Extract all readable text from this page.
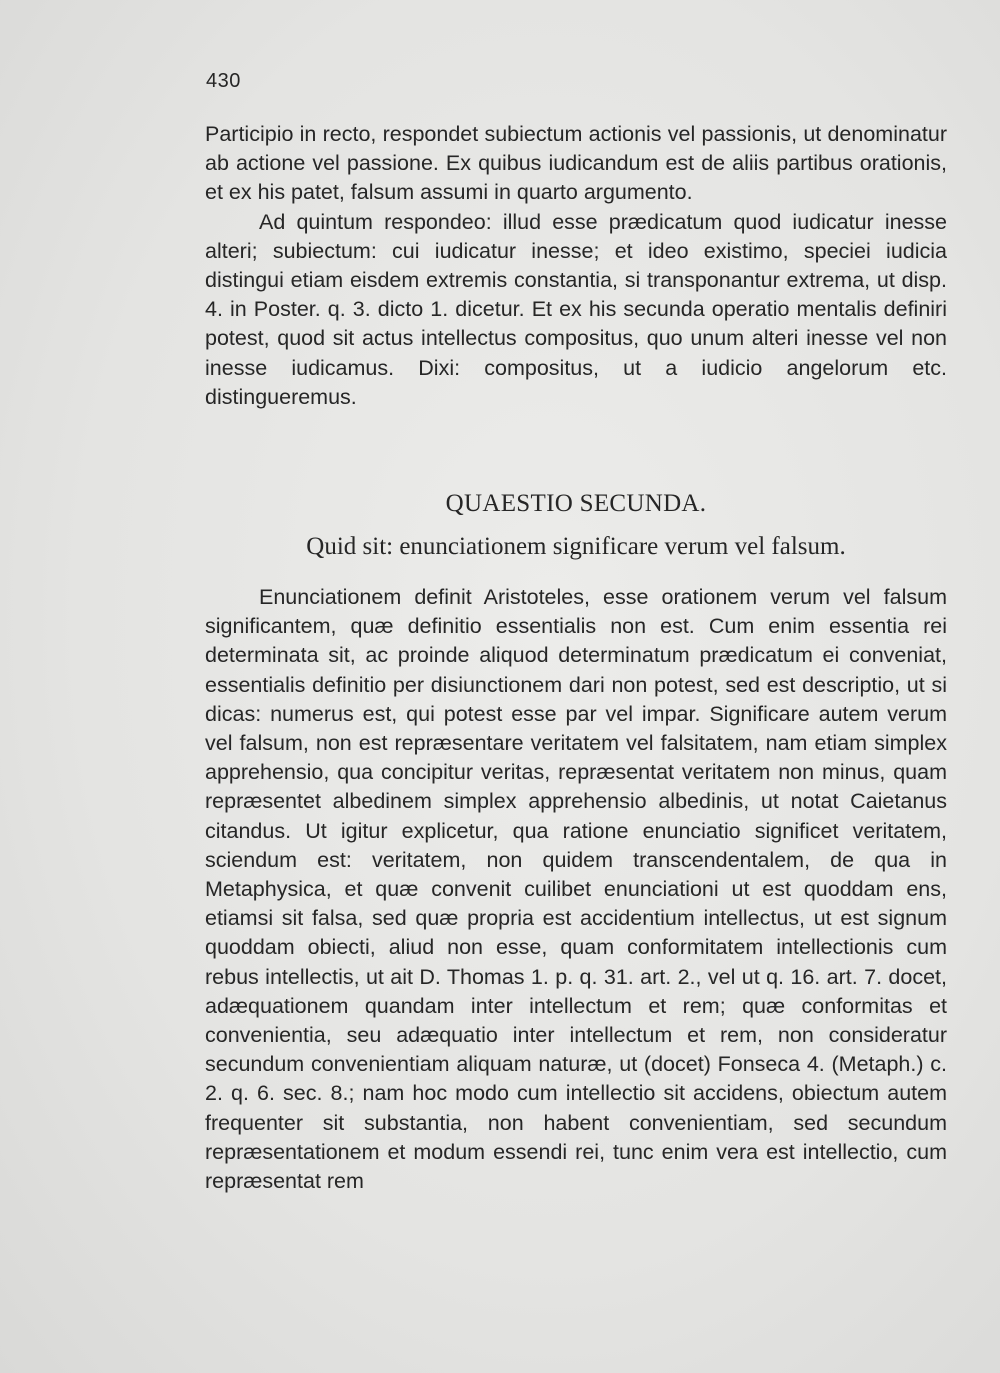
430

Participio in recto, respondet subiectum actionis vel passionis, ut denominatur ab actione vel passione. Ex quibus iudicandum est de aliis partibus orationis, et ex his patet, falsum assumi in quarto argumento.

Ad quintum respondeo: illud esse prædicatum quod iudicatur inesse alteri; subiectum: cui iudicatur inesse; et ideo existimo, speciei iudicia distingui etiam eisdem extremis constantia, si transponantur extrema, ut disp. 4. in Poster. q. 3. dicto 1. dicetur. Et ex his secunda operatio mentalis definiri potest, quod sit actus intellectus compositus, quo unum alteri inesse vel non inesse iudicamus. Dixi: compositus, ut a iudicio angelorum etc. distingueremus.

QUAESTIO SECUNDA.
Quid sit: enunciationem significare verum vel falsum.

Enunciationem definit Aristoteles, esse orationem verum vel falsum significantem, quæ definitio essentialis non est. Cum enim essentia rei determinata sit, ac proinde aliquod determinatum prædicatum ei conveniat, essentialis definitio per disiunctionem dari non potest, sed est descriptio, ut si dicas: numerus est, qui potest esse par vel impar. Significare autem verum vel falsum, non est repræsentare veritatem vel falsitatem, nam etiam simplex apprehensio, qua concipitur veritas, repræsentat veritatem non minus, quam repræsentet albedinem simplex apprehensio albedinis, ut notat Caietanus citandus. Ut igitur explicetur, qua ratione enunciatio significet veritatem, sciendum est: veritatem, non quidem transcendentalem, de qua in Metaphysica, et quæ convenit cuilibet enunciationi ut est quoddam ens, etiamsi sit falsa, sed quæ propria est accidentium intellectus, ut est signum quoddam obiecti, aliud non esse, quam conformitatem intellectionis cum rebus intellectis, ut ait D. Thomas 1. p. q. 31. art. 2., vel ut q. 16. art. 7. docet, adæquationem quandam inter intellectum et rem; quæ conformitas et convenientia, seu adæquatio inter intellectum et rem, non consideratur secundum convenientiam aliquam naturæ, ut (docet) Fonseca 4. (Metaph.) c. 2. q. 6. sec. 8.; nam hoc modo cum intellectio sit accidens, obiectum autem frequenter sit substantia, non habent convenientiam, sed secundum repræsentationem et modum essendi rei, tunc enim vera est intellectio, cum repræsentat rem
